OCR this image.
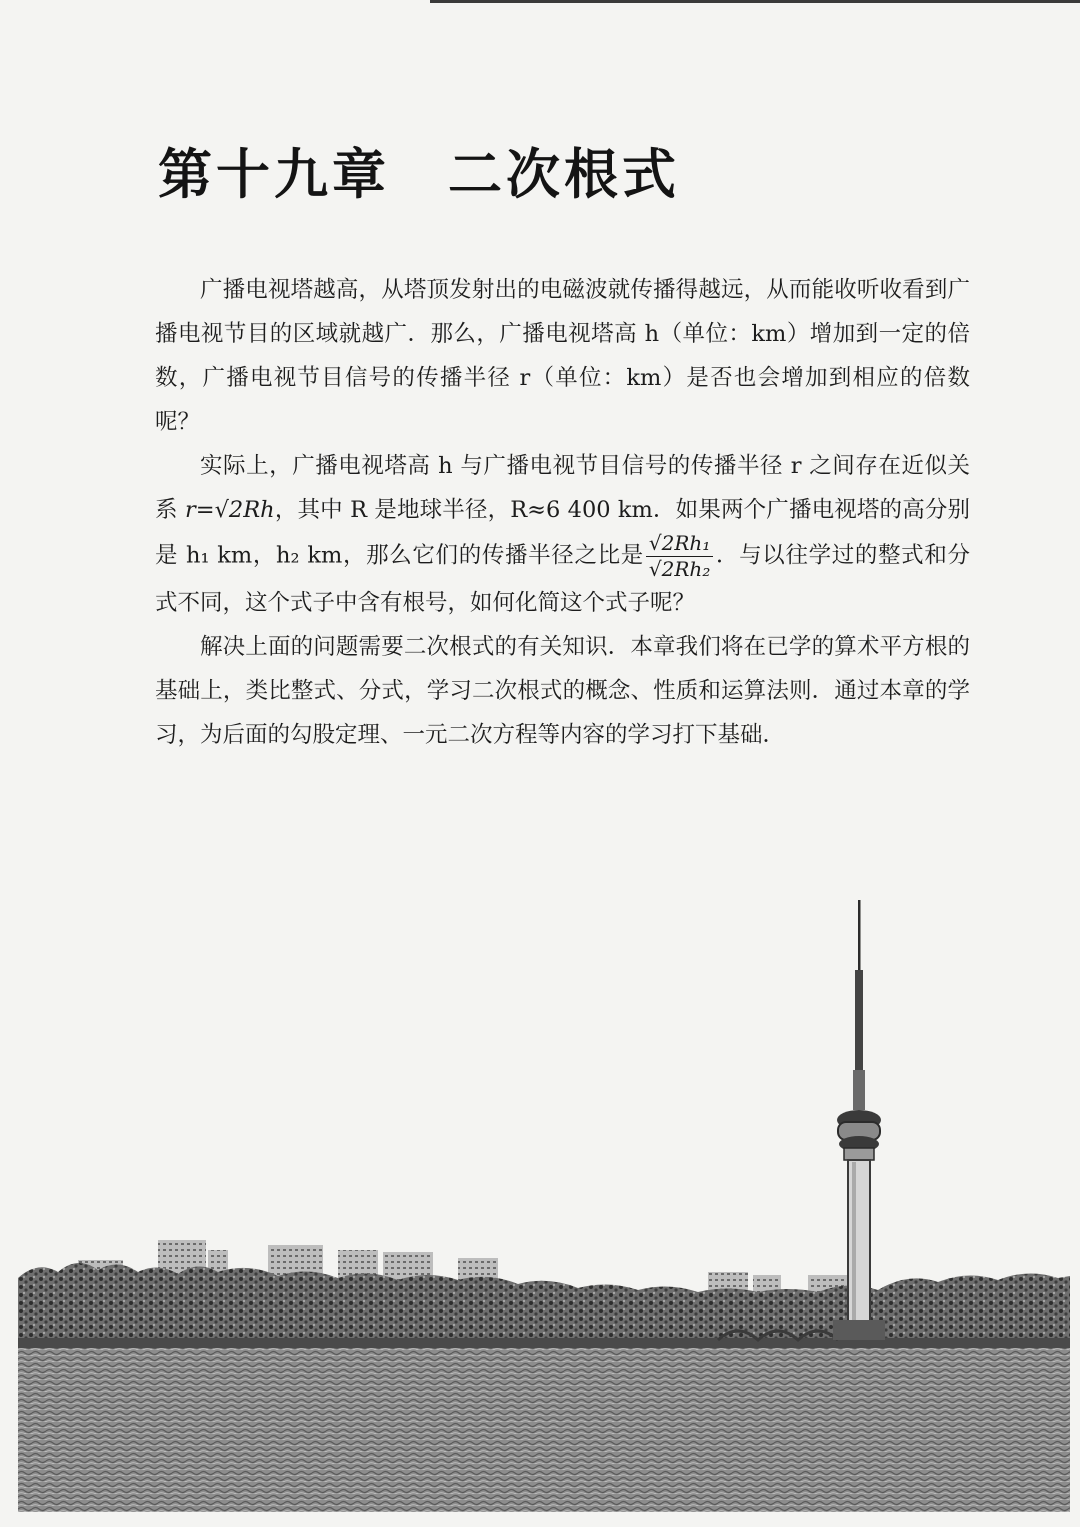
第十九章　二次根式

广播电视塔越高，从塔顶发射出的电磁波就传播得越远，从而能收听收看到广播电视节目的区域就越广．那么，广播电视塔高 h（单位：km）增加到一定的倍数，广播电视节目信号的传播半径 r（单位：km）是否也会增加到相应的倍数呢？

实际上，广播电视塔高 h 与广播电视节目信号的传播半径 r 之间存在近似关系 r=√2Rh，其中 R 是地球半径，R≈6 400 km．如果两个广播电视塔的高分别是 h₁ km，h₂ km，那么它们的传播半径之比是 $\frac{\text{√2Rh₁}}{\text{√2Rh₂}}$ ．与以往学过的整式和分式不同，这个式子中含有根号，如何化简这个式子呢？

解决上面的问题需要二次根式的有关知识．本章我们将在已学的算术平方根的基础上，类比整式、分式，学习二次根式的概念、性质和运算法则．通过本章的学习，为后面的勾股定理、一元二次方程等内容的学习打下基础．
